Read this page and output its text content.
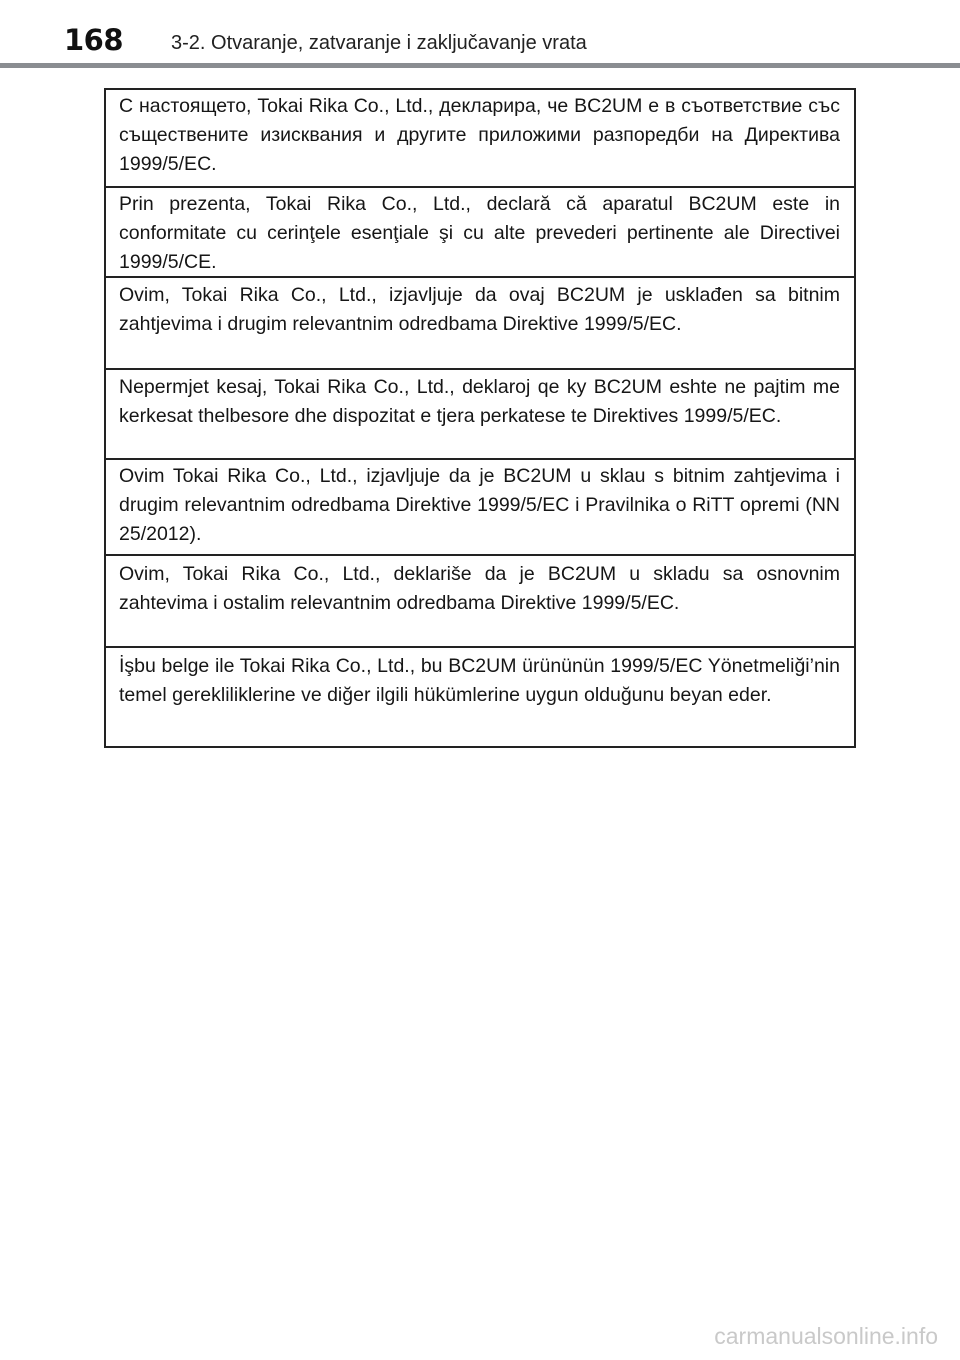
168 3-2. Otvaranje, zatvaranje i zaključavanje vrata
С настоящето, Tokai Rika Co., Ltd., декларира, че BC2UM е в съответствие със съществените изисквания и другите приложими разпоредби на Директива 1999/5/EC.
Prin prezenta, Tokai Rika Co., Ltd., declară că aparatul BC2UM este in conformitate cu cerinţele esenţiale şi cu alte prevederi pertinente ale Directivei 1999/5/CE.
Ovim, Tokai Rika Co., Ltd., izjavljuje da ovaj BC2UM je usklađen sa bitnim zahtjevima i drugim relevantnim odredbama Direktive 1999/5/EC.
Nepermjet kesaj, Tokai Rika Co., Ltd., deklaroj qe ky BC2UM eshte ne pajtim me kerkesat thelbesore dhe dispozitat e tjera perkatese te Direktives 1999/5/EC.
Ovim Tokai Rika Co., Ltd., izjavljuje da je BC2UM u sklau s bitnim zahtjevima i drugim relevantnim odredbama Direktive 1999/5/EC i Pravilnika o RiTT opremi (NN 25/2012).
Ovim, Tokai Rika Co., Ltd., deklariše da je BC2UM u skladu sa osnovnim zahtevima i ostalim relevantnim odredbama Direktive 1999/5/EC.
İşbu belge ile Tokai Rika Co., Ltd., bu BC2UM ürününün 1999/5/EC Yönetmeliği’nin temel gerekliliklerine ve diğer ilgili hükümlerine uygun olduğunu beyan eder.
carmanualsonline.info
